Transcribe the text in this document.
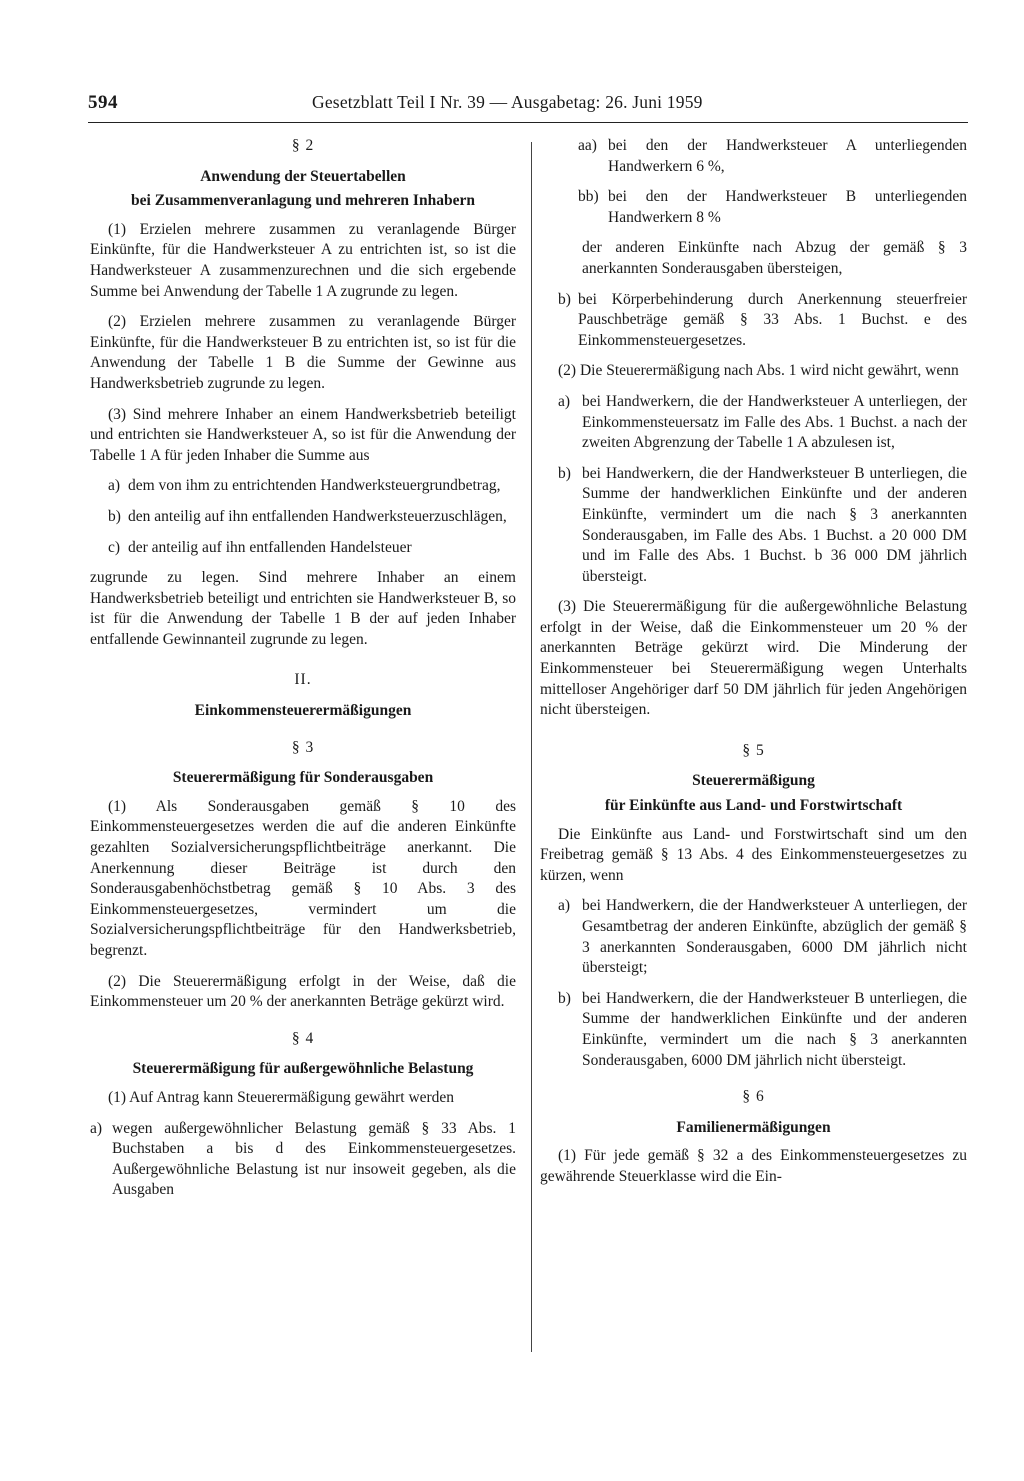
594	Gesetzblatt Teil I Nr. 39 — Ausgabetag: 26. Juni 1959
§ 2
Anwendung der Steuertabellen
bei Zusammenveranlagung und mehreren Inhabern

(1) Erzielen mehrere zusammen zu veranlagende Bürger Einkünfte, für die Handwerksteuer A zu entrichten ist, so ist die Handwerksteuer A zusammenzurechnen und die sich ergebende Summe bei Anwendung der Tabelle 1 A zugrunde zu legen.

(2) Erzielen mehrere zusammen zu veranlagende Bürger Einkünfte, für die Handwerksteuer B zu entrichten ist, so ist für die Anwendung der Tabelle 1 B die Summe der Gewinne aus Handwerksbetrieb zugrunde zu legen.

(3) Sind mehrere Inhaber an einem Handwerksbetrieb beteiligt und entrichten sie Handwerksteuer A, so ist für die Anwendung der Tabelle 1 A für jeden Inhaber die Summe aus

a) dem von ihm zu entrichtenden Handwerksteuergrundbetrag,
b) den anteilig auf ihn entfallenden Handwerksteuerzuschlägen,
c) der anteilig auf ihn entfallenden Handelsteuer

zugrunde zu legen. Sind mehrere Inhaber an einem Handwerksbetrieb beteiligt und entrichten sie Handwerksteuer B, so ist für die Anwendung der Tabelle 1 B der auf jeden Inhaber entfallende Gewinnanteil zugrunde zu legen.

II.
Einkommensteuerermäßigungen
§ 3
Steuerermäßigung für Sonderausgaben

(1) Als Sonderausgaben gemäß § 10 des Einkommensteuergesetzes werden die auf die anderen Einkünfte gezahlten Sozialversicherungspflichtbeiträge anerkannt. Die Anerkennung dieser Beiträge ist durch den Sonderausgabenhöchstbetrag gemäß § 10 Abs. 3 des Einkommensteuergesetzes, vermindert um die Sozialversicherungspflichtbeiträge für den Handwerksbetrieb, begrenzt.

(2) Die Steuerermäßigung erfolgt in der Weise, daß die Einkommensteuer um 20 % der anerkannten Beträge gekürzt wird.

§ 4
Steuerermäßigung für außergewöhnliche Belastung

(1) Auf Antrag kann Steuerermäßigung gewährt werden

a) wegen außergewöhnlicher Belastung gemäß § 33 Abs. 1 Buchstaben a bis d des Einkommensteuergesetzes. Außergewöhnliche Belastung ist nur insoweit gegeben, als die Ausgaben
aa) bei den der Handwerksteuer A unterliegenden Handwerkern 6 %,
bb) bei den der Handwerksteuer B unterliegenden Handwerkern 8 %

der anderen Einkünfte nach Abzug der gemäß § 3 anerkannten Sonderausgaben übersteigen,

b) bei Körperbehinderung durch Anerkennung steuerfreier Pauschbeträge gemäß § 33 Abs. 1 Buchst. e des Einkommensteuergesetzes.

(2) Die Steuerermäßigung nach Abs. 1 wird nicht gewährt, wenn

a) bei Handwerkern, die der Handwerksteuer A unterliegen, der Einkommensteuersatz im Falle des Abs. 1 Buchst. a nach der zweiten Abgrenzung der Tabelle 1 A abzulesen ist,
b) bei Handwerkern, die der Handwerksteuer B unterliegen, die Summe der handwerklichen Einkünfte und der anderen Einkünfte, vermindert um die nach § 3 anerkannten Sonderausgaben, im Falle des Abs. 1 Buchst. a 20 000 DM und im Falle des Abs. 1 Buchst. b 36 000 DM jährlich übersteigt.

(3) Die Steuerermäßigung für die außergewöhnliche Belastung erfolgt in der Weise, daß die Einkommensteuer um 20 % der anerkannten Beträge gekürzt wird. Die Minderung der Einkommensteuer bei Steuerermäßigung wegen Unterhalts mittelloser Angehöriger darf 50 DM jährlich für jeden Angehörigen nicht übersteigen.

§ 5
Steuerermäßigung
für Einkünfte aus Land- und Forstwirtschaft

Die Einkünfte aus Land- und Forstwirtschaft sind um den Freibetrag gemäß § 13 Abs. 4 des Einkommensteuergesetzes zu kürzen, wenn

a) bei Handwerkern, die der Handwerksteuer A unterliegen, der Gesamtbetrag der anderen Einkünfte, abzüglich der gemäß § 3 anerkannten Sonderausgaben, 6000 DM jährlich nicht übersteigt;
b) bei Handwerkern, die der Handwerksteuer B unterliegen, die Summe der handwerklichen Einkünfte und der anderen Einkünfte, vermindert um die nach § 3 anerkannten Sonderausgaben, 6000 DM jährlich nicht übersteigt.
§ 6
Familienermäßigungen

(1) Für jede gemäß § 32 a des Einkommensteuergesetzes zu gewährende Steuerklasse wird die Ein-
